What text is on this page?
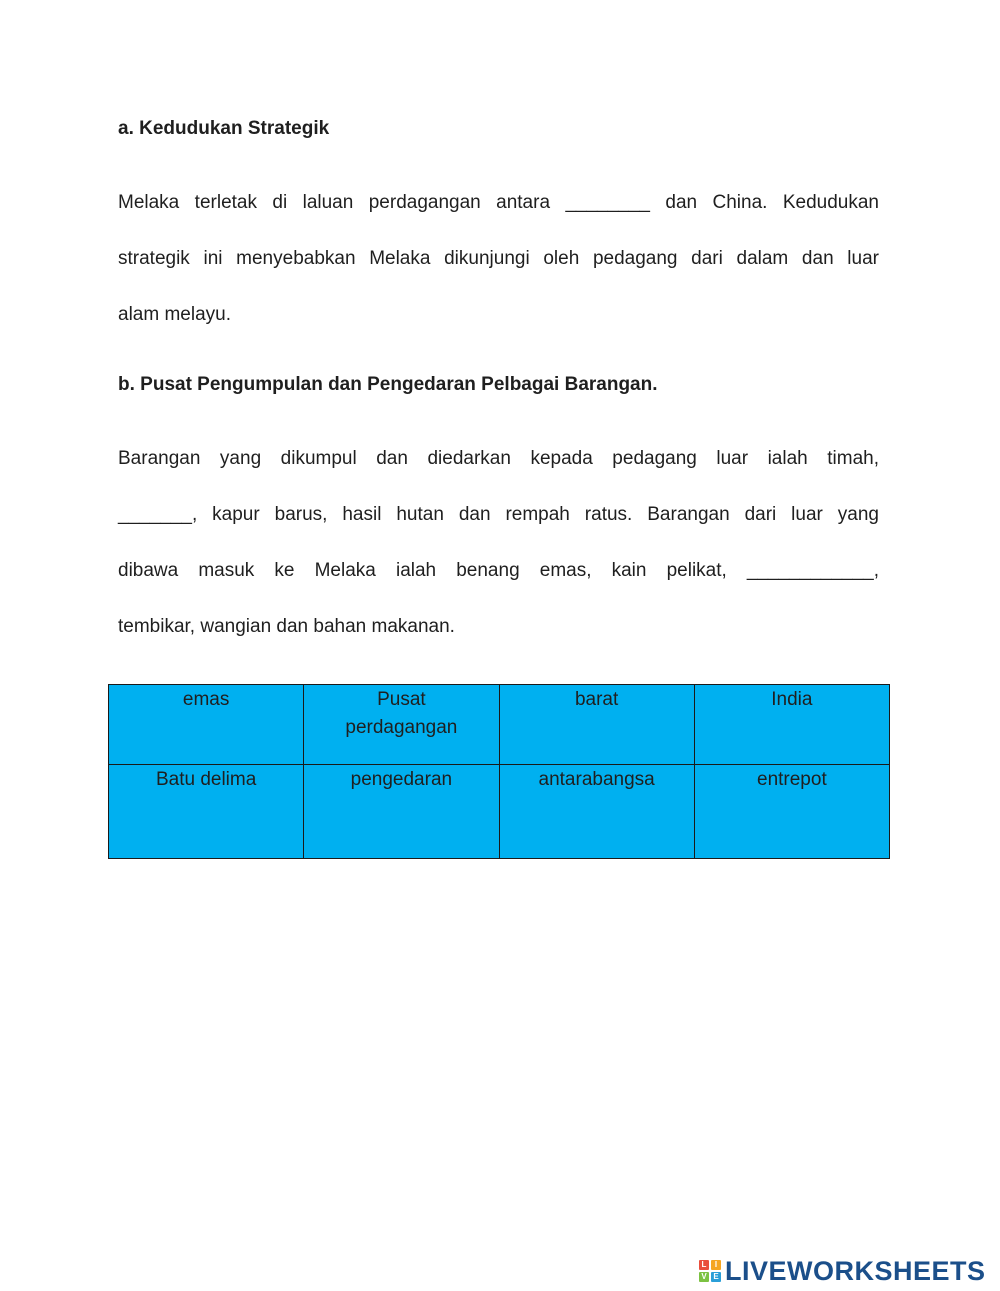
a. Kedudukan Strategik
Melaka terletak di laluan perdagangan antara ________ dan China. Kedudukan
strategik ini menyebabkan Melaka dikunjungi oleh pedagang dari dalam dan luar
alam melayu.
b. Pusat Pengumpulan dan Pengedaran Pelbagai Barangan.
Barangan yang dikumpul dan diedarkan kepada pedagang luar ialah timah,
_______, kapur barus, hasil hutan dan rempah ratus. Barangan dari luar yang
dibawa masuk ke Melaka ialah benang emas, kain pelikat, ____________,
tembikar, wangian dan bahan makanan.
emas	Pusat perdagangan	barat	India
Batu delima	pengedaran	antarabangsa	entrepot
L	I
V E LIVEWORKSHEETS
